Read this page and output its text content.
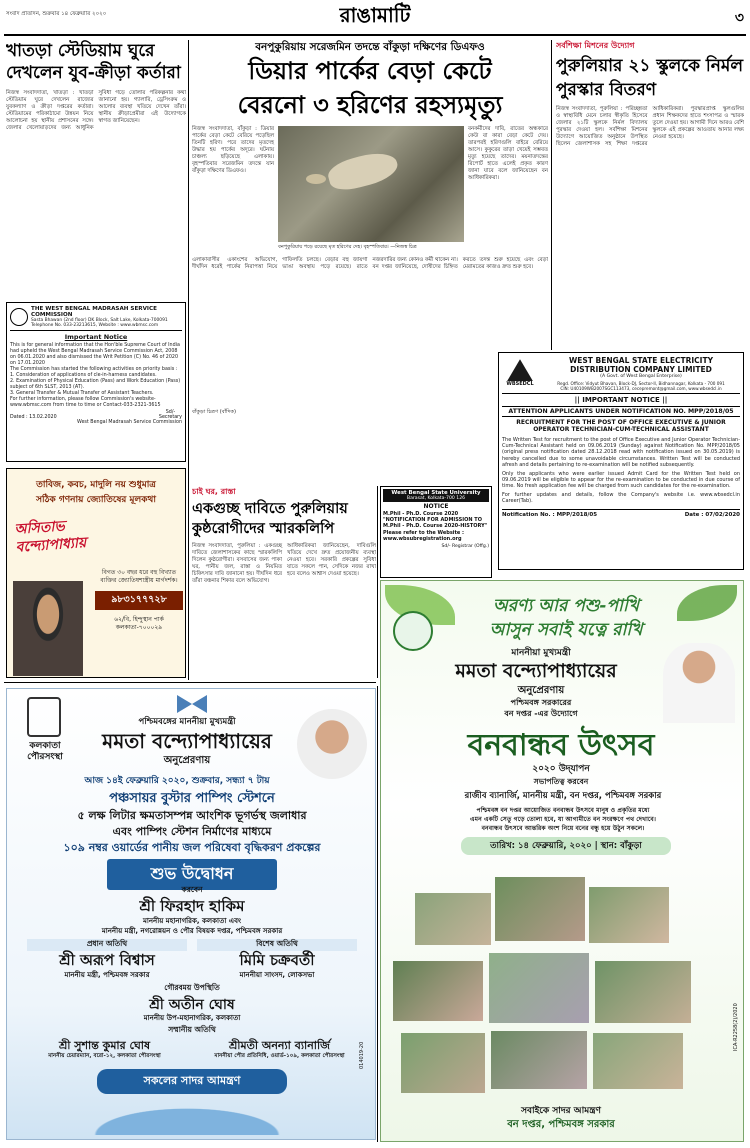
সংবাদ প্রতিদিন, শুক্রবার ১৪ ফেব্রুয়ারি ২০২০	রাঙামাটি	৩
খাতড়া স্টেডিয়াম ঘুরে দেখলেন যুব-ক্রীড়া কর্তারা
নিজস্ব সংবাদদাতা, খাতড়া : খাতড়া স্টেডিয়াম ঘুরে দেখলেন রাজ্যের যুবকল্যাণ ও ক্রীড়া দপ্তরের কর্তারা। স্টেডিয়ামের পরিকাঠামো উন্নয়ন নিয়ে আলোচনা হয় স্থানীয় প্রশাসনের সঙ্গে। জেলার খেলোয়াড়দের জন্য আধুনিক সুবিধা গড়ে তোলার পরিকল্পনার কথা জানানো হয়। গ্যালারি, ড্রেসিংরুম ও আলোর ব্যবস্থা খতিয়ে দেখেন তাঁরা। স্থানীয় ক্রীড়াপ্রেমীরা এই উদ্যোগকে স্বাগত জানিয়েছেন।
বনপুকুরিয়ায় সরেজমিন তদন্তে বাঁকুড়া দক্ষিণের ডিএফও
ডিয়ার পার্কের বেড়া কেটে
বেরনো ৩ হরিণের রহস্যমৃত্যু
নিজস্ব সংবাদদাতা, বাঁকুড়া : ডিয়ার পার্কের বেড়া কেটে বেরিয়ে পড়েছিল তিনটি হরিণ। পরে তাদের মৃতদেহ উদ্ধার হয় পার্কের অদূরে। ঘটনায় চাঞ্চল্য ছড়িয়েছে এলাকায়। বৃহস্পতিবার সরেজমিন তদন্তে যান বাঁকুড়া দক্ষিণের ডিএফও।
বনপুকুরিয়ায় পড়ে রয়েছে মৃত হরিণের দেহ। বৃহস্পতিবার। —নিজস্ব চিত্র
বনকর্মীদের দাবি, রাতের অন্ধকারে কেউ বা কারা বেড়া কেটে দেয়। তারপরই হরিণগুলি বাইরে বেরিয়ে আসে। কুকুরের তাড়া খেয়েই সম্ভবত মৃত্যু হয়েছে তাদের। ময়নাতদন্তের রিপোর্ট হাতে এলেই প্রকৃত কারণ জানা যাবে বলে জানিয়েছেন বন আধিকারিকরা।
এলাকাবাসীর একাংশের অভিযোগ, দীর্ঘদিন ধরেই পার্কের নিরাপত্তা নিয়ে গাফিলতি চলছে। বেড়ার বহু জায়গা ভাঙা অবস্থায় পড়ে রয়েছে। রাতে নজরদারির জন্য কোনও কর্মী থাকেন না। বন দপ্তর জানিয়েছে, দোষীদের চিহ্নিত করতে তদন্ত শুরু হয়েছে এবং বেড়া মেরামতের কাজও দ্রুত শুরু হবে।
বাঁকুড়া চিত্রণ (বাঁদিক)
সর্বশিক্ষা মিশনের উদ্যোগ
পুরুলিয়ার ২১ স্কুলকে নির্মল পুরস্কার বিতরণ
নিজস্ব সংবাদদাতা, পুরুলিয়া : পরিচ্ছন্নতা ও স্বাস্থ্যবিধি মেনে চলার স্বীকৃতি হিসেবে জেলার ২১টি স্কুলকে নির্মল বিদ্যালয় পুরস্কার দেওয়া হল। সর্বশিক্ষা মিশনের উদ্যোগে আয়োজিত অনুষ্ঠানে উপস্থিত ছিলেন জেলাশাসক সহ শিক্ষা দপ্তরের আধিকারিকরা। পুরস্কারপ্রাপ্ত স্কুলগুলির প্রধান শিক্ষকদের হাতে শংসাপত্র ও স্মারক তুলে দেওয়া হয়। আগামী দিনে আরও বেশি স্কুলকে এই প্রকল্পের আওতায় আনার লক্ষ্য নেওয়া হয়েছে।
THE WEST BENGAL MADRASAH SERVICE COMMISSION
Sasta Bhawan (2nd floor) DK Block, Salt Lake, Kolkata-700091
Telephone No. 033-23213615, Website : www.wbmsc.com
Important Notice
This is for general information that the Hon'ble Supreme Court of India had upheld the West Bengal Madrasah Service Commission Act, 2008 on 06.01.2020 and also dismissed the Writ Petition (C) No. 46 of 2020 on 17.01.2020
The Commission has started the following activities on priority basis :
1. Consideration of applications of cle-in-harness candidates.
2. Examination of Physical Education (Pass) and Work Education (Pass) subject of 6th SLST, 2013 (AT).
3. General Transfer & Mutual Transfer of Assistant Teachers.
For further information, please follow Commission's website-www.wbmsc.com from time to time or Contact-033-2321-3615
Dated : 13.02.2020
Sd/-
Secretary
West Bengal Madrasah Service Commission
তাবিজ, কবচ, মাদুলি নয় শুধুমাত্র
সঠিক গণনায় জ্যোতিষের মূলকথা
অসিতাভ বন্দ্যোপাধ্যায়
বিগত ৩০ বছর ধরে বহু বিখ্যাত ব্যক্তির জ্যোতিষশাস্ত্রীয় মার্গদর্শক।
৯৮৩১৭৭৭২৮
৬২/বি, হিন্দুস্থান পার্ক কলকাতা-৭০০০২৯
WBSEDCL
WEST BENGAL STATE ELECTRICITY DISTRIBUTION COMPANY LIMITED
(A Govt. of West Bengal Enterprise)
Regd. Office: Vidyut Bhavan, Block-DJ, Sector-II, Bidhannagar, Kolkata - 700 091
CIN: U40109WB2007SGC113473, cecepremont@gmail.com, www.wbsedcl.in
|| IMPORTANT NOTICE ||
ATTENTION APPLICANTS UNDER NOTIFICATION NO. MPP/2018/05
RECRUITMENT FOR THE POST OF OFFICE EXECUTIVE & JUNIOR OPERATOR TECHNICIAN-CUM-TECHNICAL ASSISTANT
The Written Test for recruitment to the post of Office Executive and Junior Operator Technician-Cum-Technical Assistant held on 09.06.2019 (Sunday) against Notification No. MPP/2018/05 (original press notification dated 28.12.2018 read with notification issued on 30.05.2019) is hereby cancelled due to some unavoidable circumstances. Written Test will be conducted afresh and details pertaining to re-examination will be notified subsequently.
Only the applicants who were earlier issued Admit Card for the Written Test held on 09.06.2019 will be eligible to appear for the re-examination to be conducted in due course of time. No fresh application fee will be charged from such candidates for the re-examination.
For further updates and details, follow the Company's website i.e. www.wbsedcl.in Career(Tab).
Notification No. : MPP/2018/05	Date : 07/02/2020
West Bengal State University
Barasat, Kolkata-700 126
NOTICE
M.Phil - Ph.D. Course 2020 "NOTIFICATION FOR ADMISSION TO M.Phil - Ph.D. Course 2020-HISTORY" Please refer to the Website : www.wbsubregistration.org
Sd/- Registrar (Offg.)
চাই ঘর, রাস্তা
একগুচ্ছ দাবিতে পুরুলিয়ায় কুষ্ঠরোগীদের স্মারকলিপি
নিজস্ব সংবাদদাতা, পুরুলিয়া : একগুচ্ছ দাবিতে জেলাশাসকের কাছে স্মারকলিপি দিলেন কুষ্ঠরোগীরা। বসবাসের জন্য পাকা ঘর, পানীয় জল, রাস্তা ও নিয়মিত চিকিৎসার দাবি জানানো হয়। দীর্ঘদিন ধরে তাঁরা বঞ্চনার শিকার বলে অভিযোগ।
আধিকারিকরা জানিয়েছেন, দাবিগুলি খতিয়ে দেখে দ্রুত প্রয়োজনীয় ব্যবস্থা নেওয়া হবে। সরকারি প্রকল্পের সুবিধা যাতে সকলে পান, সেদিকে নজর রাখা হবে বলেও আশ্বাস দেওয়া হয়েছে।
কলকাতা পৌরসংস্থা
পশ্চিমবঙ্গের মাননীয়া মুখ্যমন্ত্রী
মমতা বন্দ্যোপাধ্যায়ের
অনুপ্রেরণায়
আজ ১৪ই ফেব্রুয়ারি ২০২০, শুক্রবার, সন্ধ্যা ৭ টায়
পঞ্চসায়র বুস্টার পাম্পিং স্টেশনে
৫ লক্ষ লিটার ক্ষমতাসম্পন্ন আংশিক ভূগর্ভস্থ জলাধার
এবং পাম্পিং স্টেশন নির্মাণের মাধ্যমে
১০৯ নম্বর ওয়ার্ডের পানীয় জল পরিষেবা বৃদ্ধিকরণ প্রকল্পের
শুভ উদ্বোধন
করবেন
শ্রী ফিরহাদ হাকিম
মাননীয় মহানাগরিক, কলকাতা এবং
মাননীয় মন্ত্রী, নগরোন্নয়ন ও পৌর বিষয়ক দপ্তর, পশ্চিমবঙ্গ সরকার
প্রধান অতিথি
শ্রী অরূপ বিশ্বাস
মাননীয় মন্ত্রী, পশ্চিমবঙ্গ সরকার
বিশেষ অতিথি
মিমি চক্রবর্তী
মাননীয়া সাংসদ, লোকসভা
গৌরবময় উপস্থিতি
শ্রী অতীন ঘোষ
মাননীয় উপ-মহানাগরিক, কলকাতা
সম্মানীয় অতিথি
শ্রী সুশান্ত কুমার ঘোষ
মাননীয় চেয়ারম্যান, বরো-১২, কলকাতা পৌরসংস্থা
শ্রীমতী অনন্যা ব্যানার্জি
মাননীয়া পৌর প্রতিনিধি, ওয়ার্ড-১০৯, কলকাতা পৌরসংস্থা
সকলের সাদর আমন্ত্রণ
014019-20
অরণ্য আর পশু-পাখি
আসুন সবাই যত্নে রাখি
মাননীয়া মুখ্যমন্ত্রী
মমতা বন্দ্যোপাধ্যায়ের
অনুপ্রেরণায়
পশ্চিমবঙ্গ সরকারের
বন দপ্তর -এর উদ্যোগে
বনবান্ধব উৎসব
২০২০ উদ্‌যাপন
সভাপতিত্ব করবেন
রাজীব ব্যানার্জি, মাননীয় মন্ত্রী, বন দপ্তর, পশ্চিমবঙ্গ সরকার
পশ্চিমবঙ্গ বন দপ্তর আয়োজিত বনবান্ধব উৎসবে মানুষ ও প্রকৃতির মধ্যে
এমন একটি সেতু গড়ে তোলা হবে, যা আগামীতে বন সংরক্ষণে পথ দেখাবে।
বনবান্ধব উৎসবে আন্তরিক অংশ নিয়ে বনের বন্ধু হয়ে উঠুন সকলে।
তারিখ: ১৪ ফেব্রুয়ারি, ২০২০ | স্থান: বাঁকুড়া
সবাইকে সাদর আমন্ত্রণ
বন দপ্তর, পশ্চিমবঙ্গ সরকার
ICA-R2258(2)/2020
